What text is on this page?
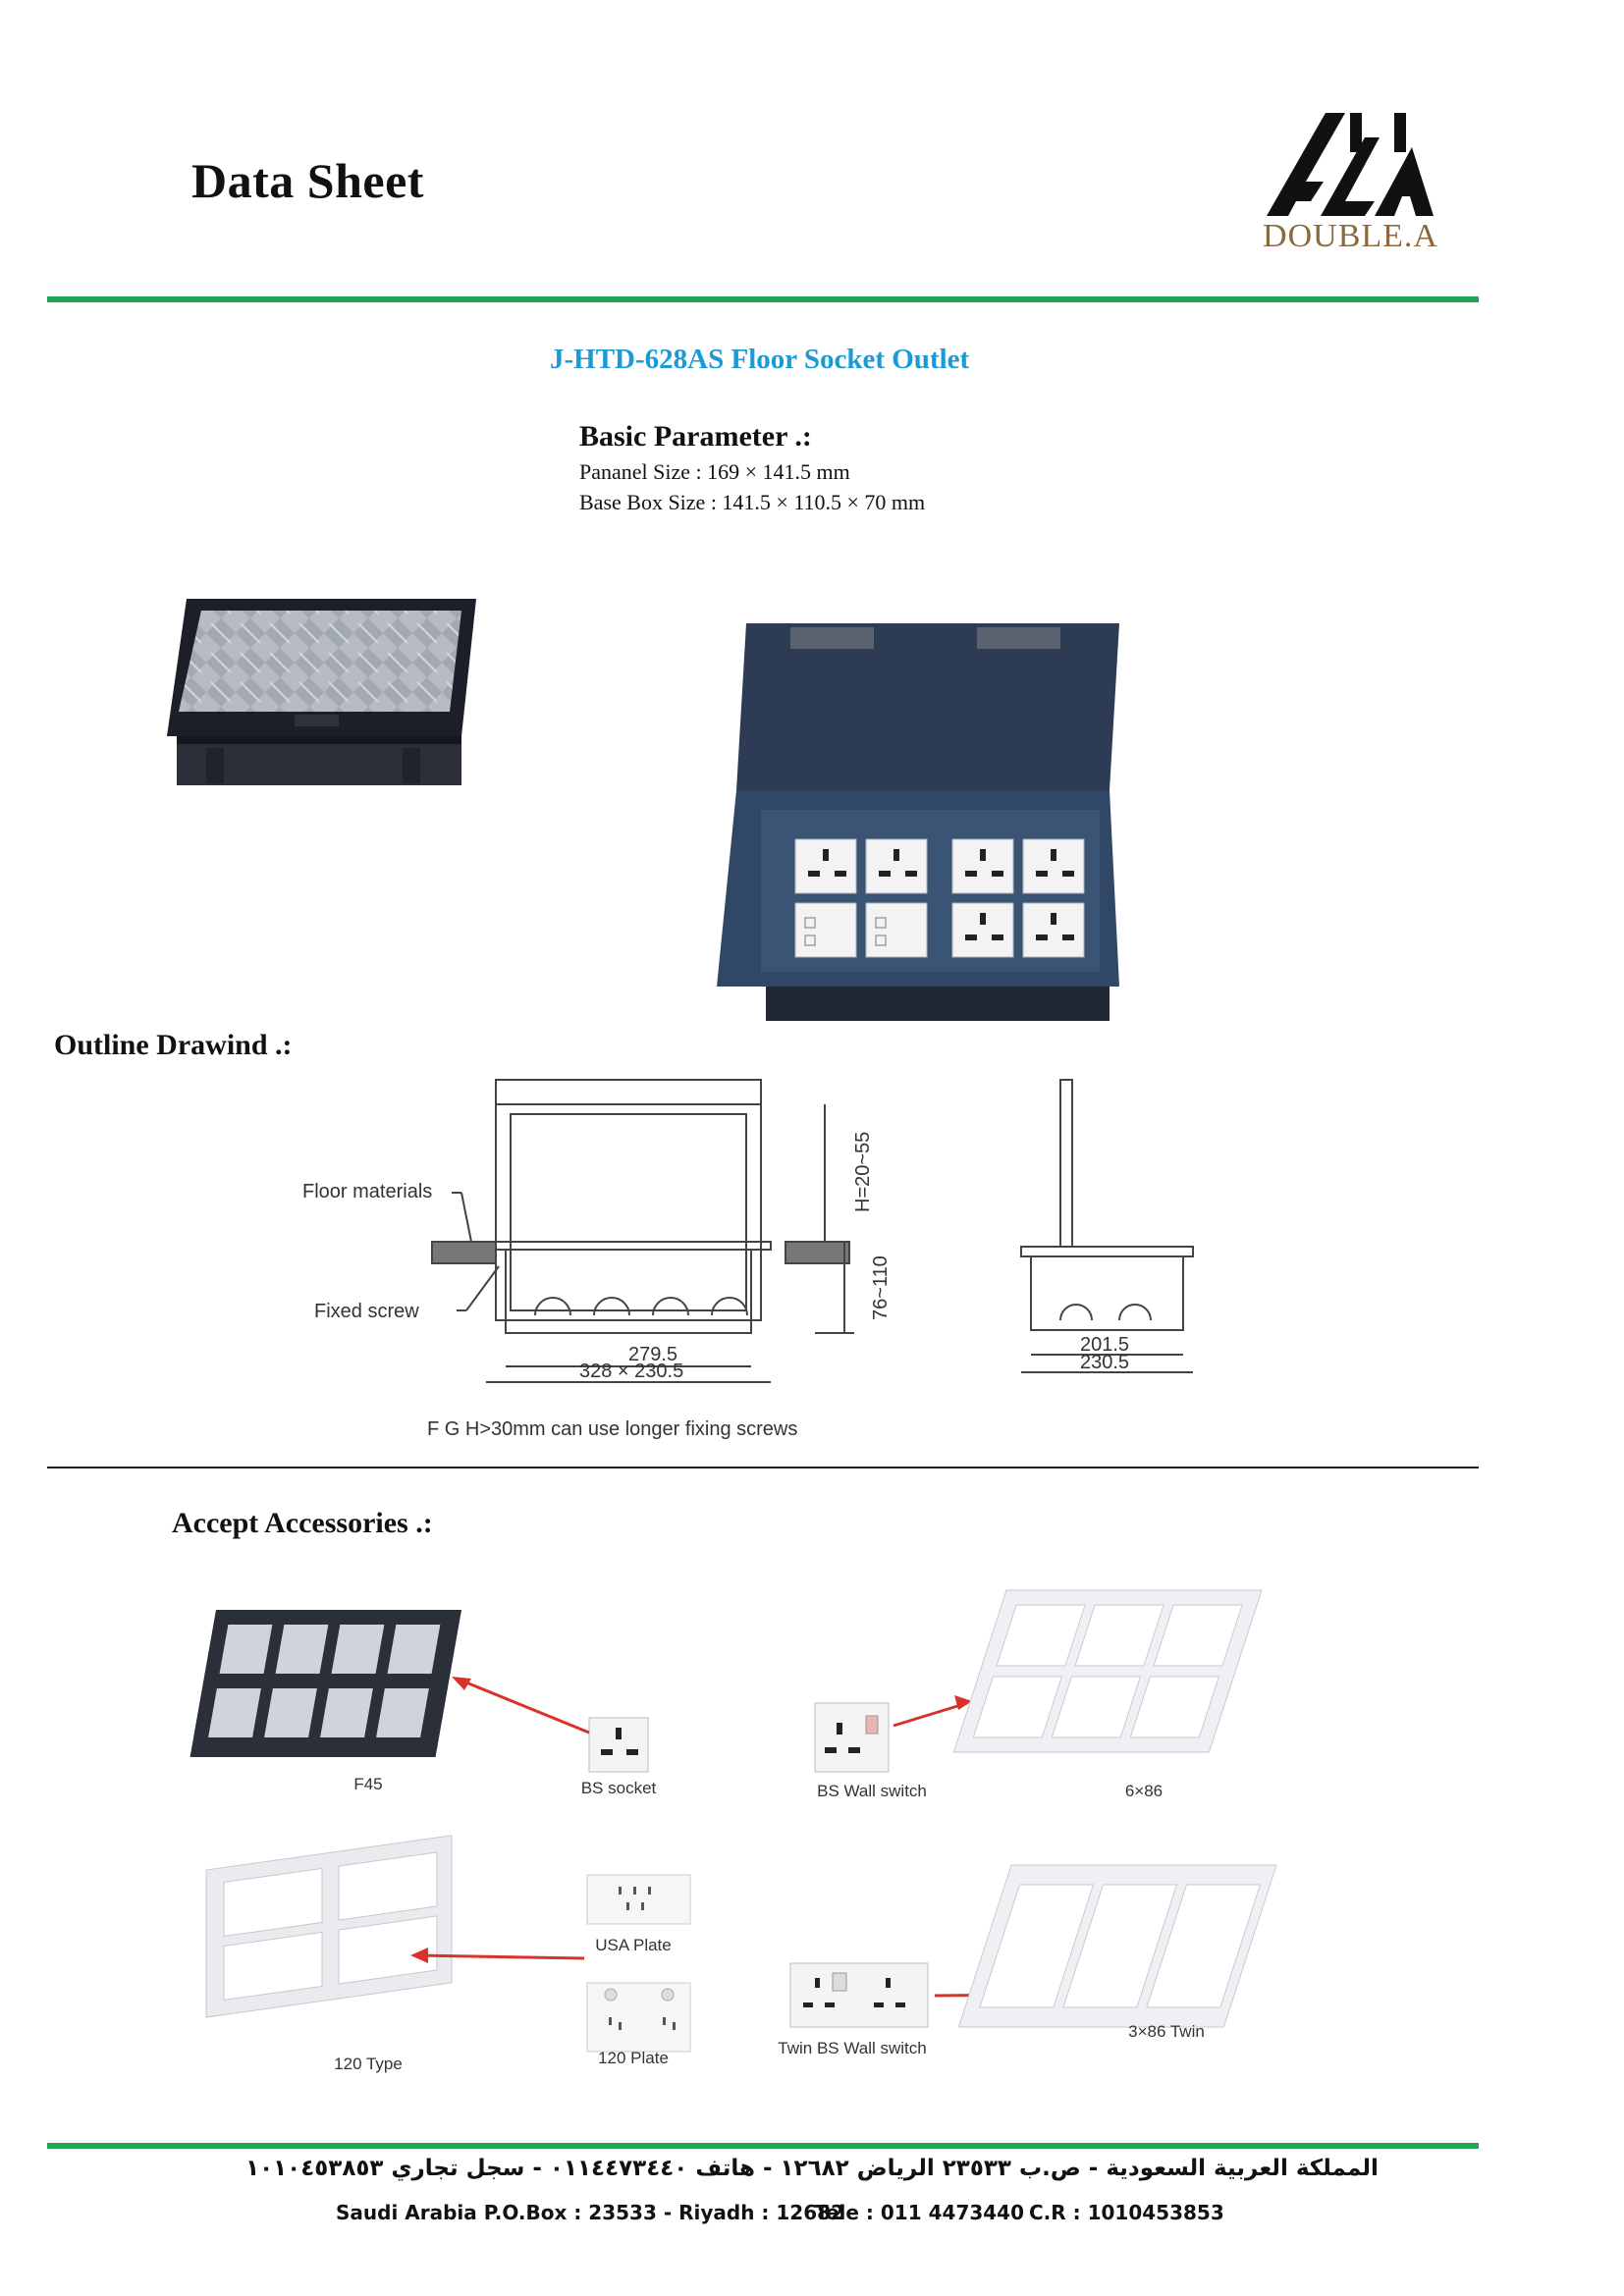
Data Sheet
DOUBLE.A
J-HTD-628AS Floor Socket Outlet
Basic Parameter .:
Pananel Size : 169 × 141.5 mm
Base Box Size : 141.5 × 110.5 × 70 mm
Outline Drawind .:
Floor materials
Fixed screw
279.5
328 × 230.5
H=20~55
76~110
201.5
230.5
F G H>30mm can use longer fixing screws
Accept Accessories .:
F45	BS socket	BS Wall switch	6×86
120 Type
USA Plate
120 Plate
Twin BS Wall switch
3×86 Twin
المملكة العربية السعودية - ص.ب ٢٣٥٣٣ الرياض ١٢٦٨٢ - هاتف ٠١١٤٤٧٣٤٤٠ - سجل تجاري ١٠١٠٤٥٣٨٥٣
Saudi Arabia P.O.Box : 23533 - Riyadh : 12682
Tele : 011 4473440 C.R : 1010453853
